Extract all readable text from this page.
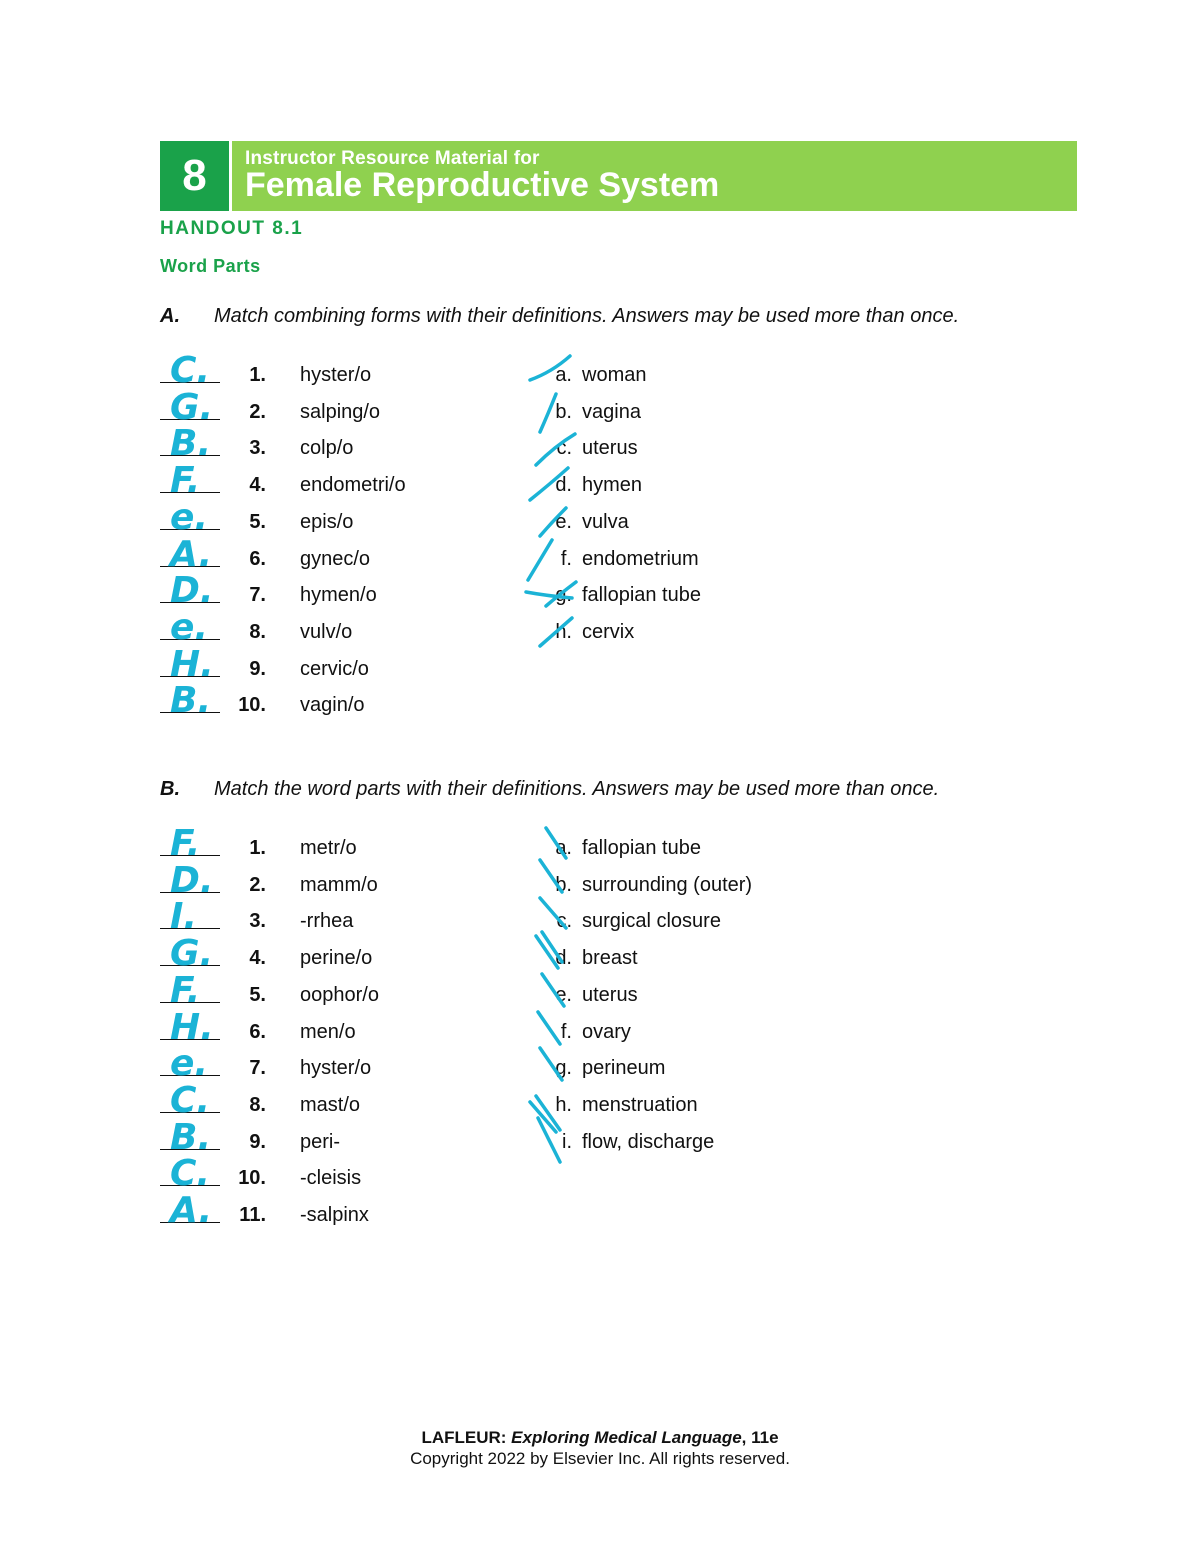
8	Instructor Resource Material for
Female Reproductive System
HANDOUT 8.1
Word Parts
A. Match combining forms with their definitions. Answers may be used more than once.
C.	1. hyster/o	a. woman
G.	2. salping/o	b. vagina
B.	3. colp/o	c. uterus
F.	4. endometri/o	d. hymen
e.	5. epis/o	e. vulva
A.	6. gynec/o	f. endometrium
D.	7. hymen/o	g. fallopian tube
e.	8. vulv/o	h. cervix
H.	9. cervic/o
B.	10. vagin/o
B. Match the word parts with their definitions. Answers may be used more than once.
F.	1. metr/o	a. fallopian tube
D.	2. mamm/o	b. surrounding (outer)
I.	3. -rrhea	c. surgical closure
G.	4. perine/o	d. breast
F.	5. oophor/o	e. uterus
H.	6. men/o	f. ovary
e.	7. hyster/o	g. perineum
C.	8. mast/o	h. menstruation
B.	9. peri-	i. flow, discharge
C.	10. -cleisis
A.	11. -salpinx
LAFLEUR: Exploring Medical Language, 11e
Copyright 2022 by Elsevier Inc. All rights reserved.
